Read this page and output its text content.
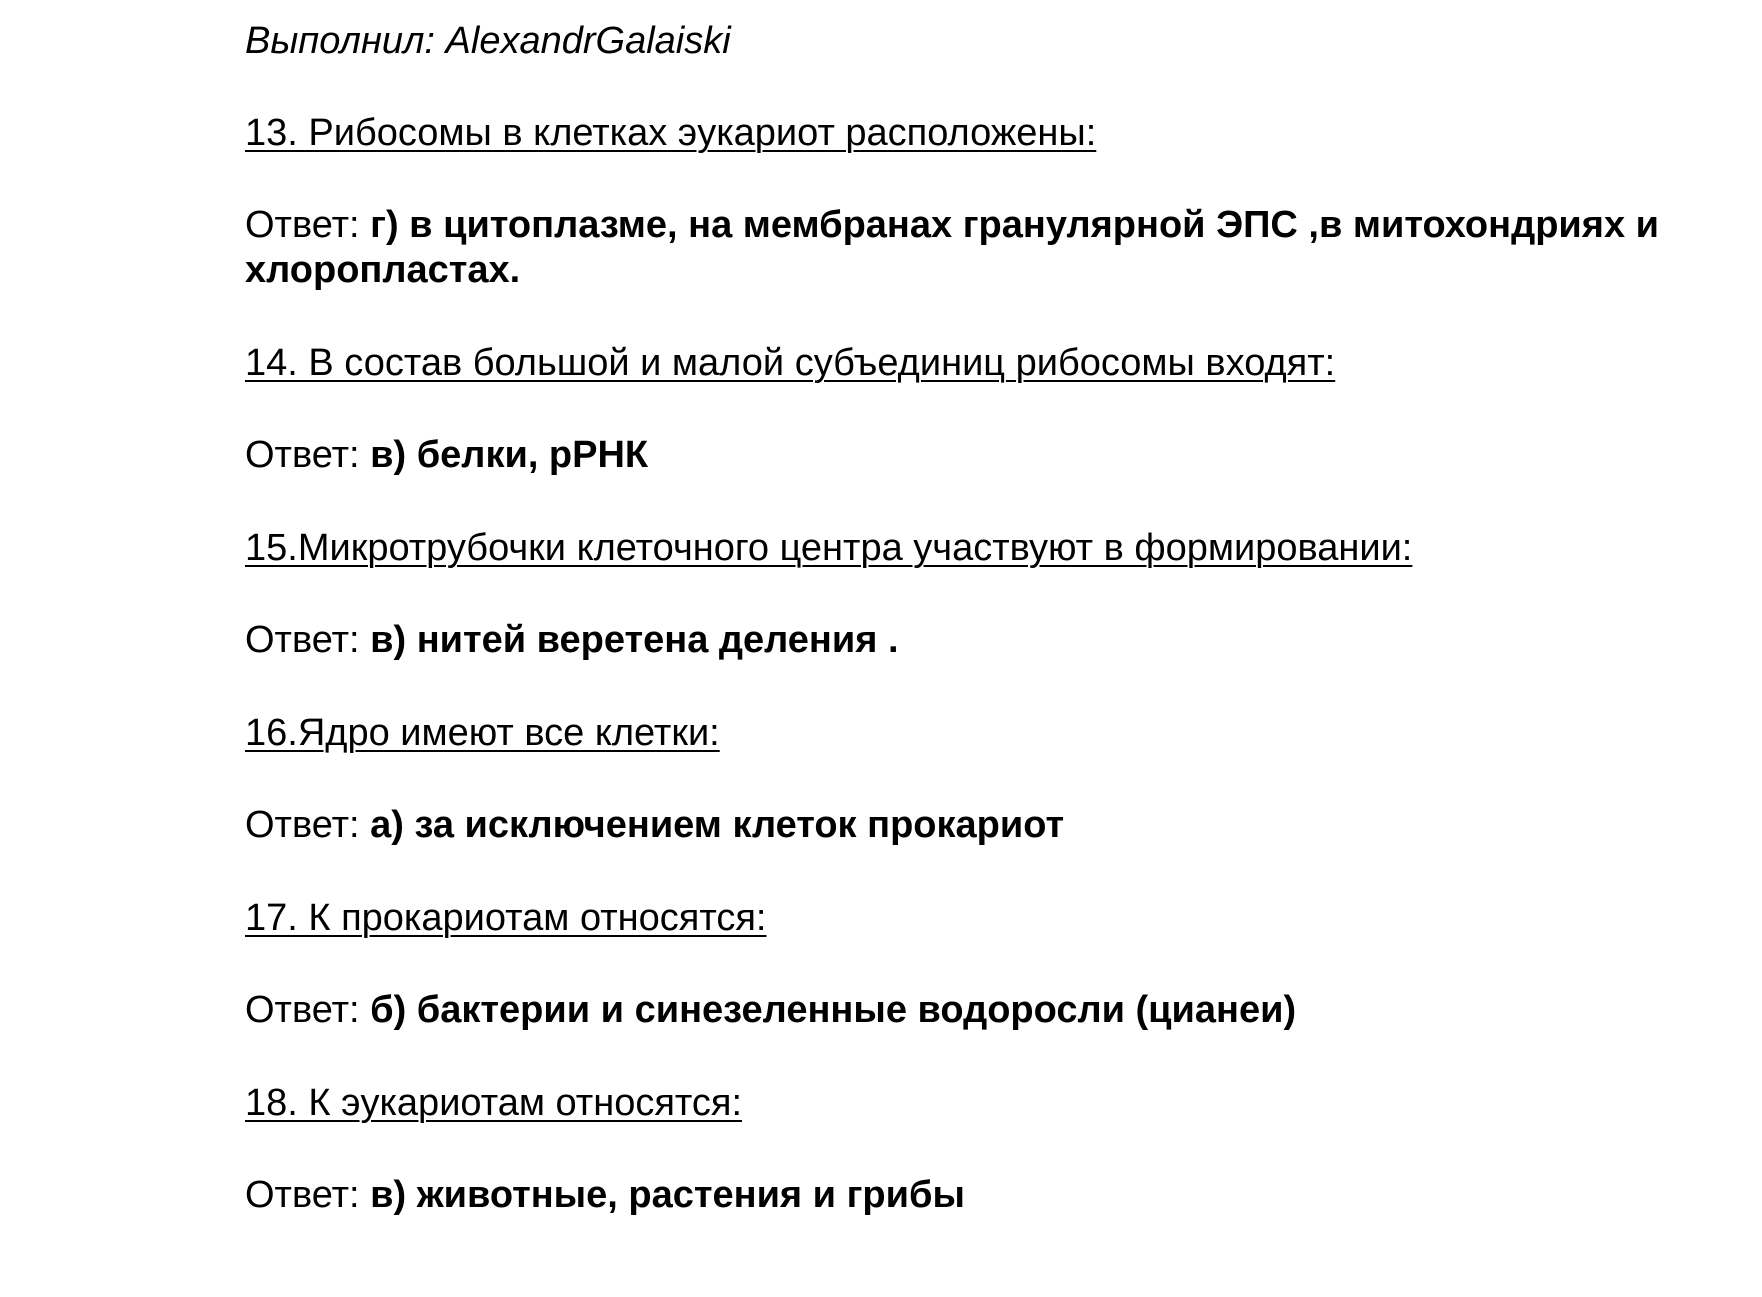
Выполнил: AlexandrGalaiski

13. Рибосомы в клетках эукариот расположены:

Ответ: г) в цитоплазме, на мембранах гранулярной ЭПС ,в митохондриях и хлоропластах.

14. В состав большой и малой субъединиц рибосомы входят:

Ответ: в) белки, рРНК

15.Микротрубочки клеточного центра участвуют в формировании:

Ответ: в) нитей веретена деления .

16.Ядро имеют все клетки:

Ответ: а) за исключением клеток прокариот

17. К прокариотам относятся:

Ответ: б) бактерии и синезеленные водоросли (цианеи)

18. К эукариотам относятся:

Ответ: в) животные, растения и грибы
